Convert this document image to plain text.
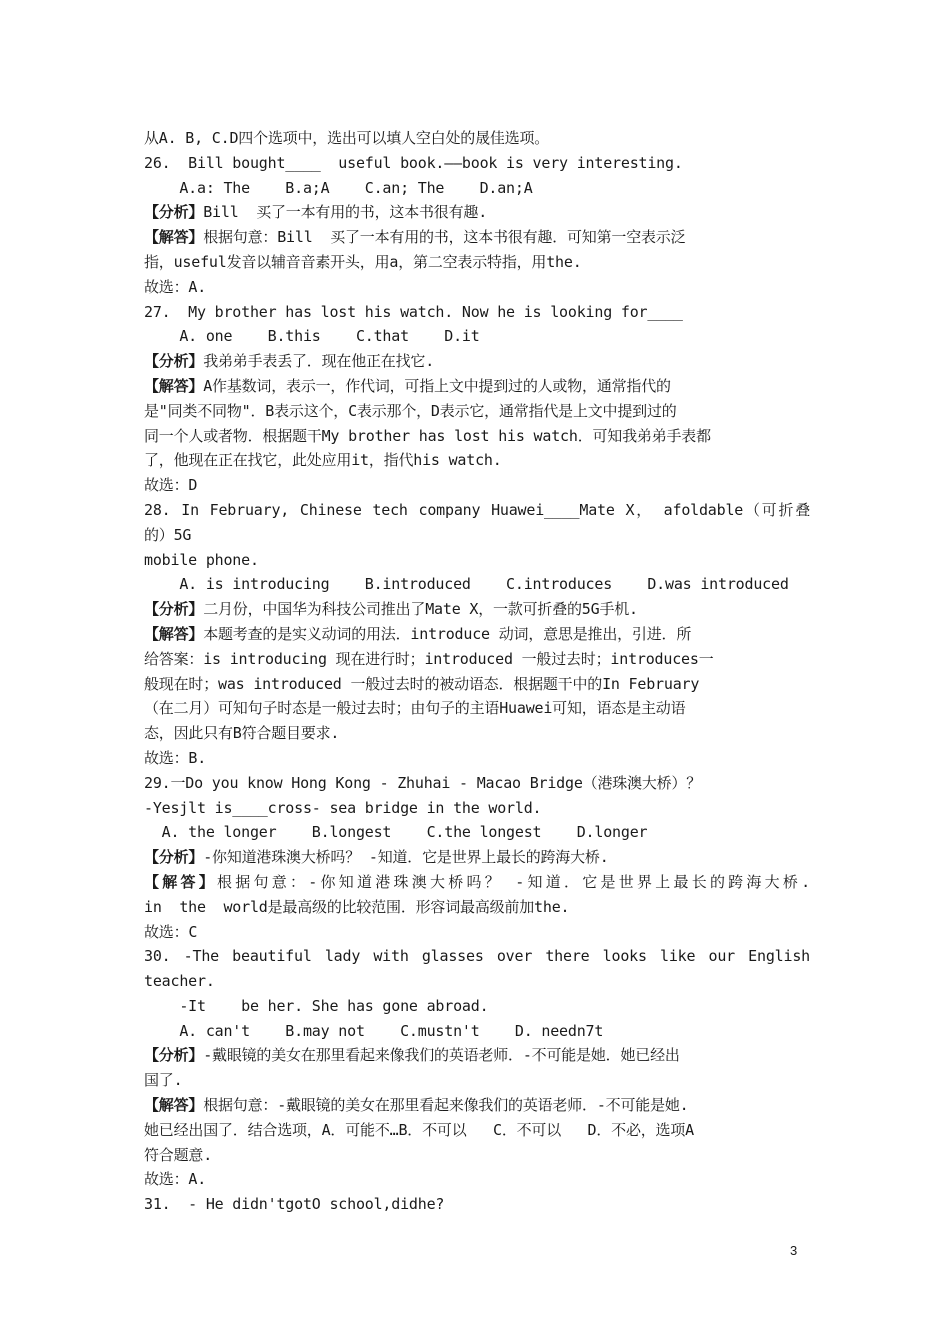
从A. B, C.D四个选项中，选出可以填人空白处的晟佳选项。
26.  Bill bought____  useful book.——book is very interesting.
A.a: The    B.a;A    C.an; The    D.an;A
【分析】Bill  买了一本有用的书，这本书很有趣.
【解答】根据句意：Bill  买了一本有用的书，这本书很有趣．可知第一空表示泛
指，useful发音以辅音音素开头，用a，第二空表示特指，用the.
故选：A.
27.  My brother has lost his watch. Now he is looking for____
A. one    B.this    C.that    D.it
【分析】我弟弟手表丢了．现在他正在找它.
【解答】A作基数词，表示一，作代词，可指上文中提到过的人或物，通常指代的
是"同类不同物"．B表示这个，C表示那个，D表示它，通常指代是上文中提到过的
同一个人或者物．根据题干My brother has lost his watch．可知我弟弟手表都
了，他现在正在找它，此处应用it，指代his watch.
故选：D
28. In February, Chinese tech company Huawei____Mate X， afoldable（可折叠
的）5G
mobile phone.
A. is introducing    B.introduced    C.introduces    D.was introduced
【分析】二月份，中国华为科技公司推出了Mate X，一款可折叠的5G手机.
【解答】本题考查的是实义动词的用法．introduce 动词，意思是推出，引进．所
给答案：is introducing 现在进行时；introduced 一般过去时；introduces一
般现在时；was introduced 一般过去时的被动语态．根据题干中的In February
（在二月）可知句子时态是一般过去时；由句子的主语Huawei可知，语态是主动语
态，因此只有B符合题目要求.
故选：B.
29.一Do you know Hong Kong - Zhuhai - Macao Bridge（港珠澳大桥）？
-Yesjlt is____cross- sea bridge in the world.
A. the longer    B.longest    C.the longest    D.longer
【分析】-你知道港珠澳大桥吗？ -知道．它是世界上最长的跨海大桥.
【解答】根据句意：-你知道港珠澳大桥吗？ -知道．它是世界上最长的跨海大桥.
in  the  world是最高级的比较范围．形容词最高级前加the.
故选：C
30. -The beautiful lady with glasses over there looks like our English
teacher.
-It    be her. She has gone abroad.
A. can't    B.may not    C.mustn't    D. needn7t
【分析】-戴眼镜的美女在那里看起来像我们的英语老师．-不可能是她．她已经出
国了.
【解答】根据句意：-戴眼镜的美女在那里看起来像我们的英语老师．-不可能是她.
她已经出国了．结合选项，A．可能不…B．不可以   C．不可以   D．不必，选项A
符合题意.
故选：A.
31.  - He didn'tgotO school,didhe?
3
